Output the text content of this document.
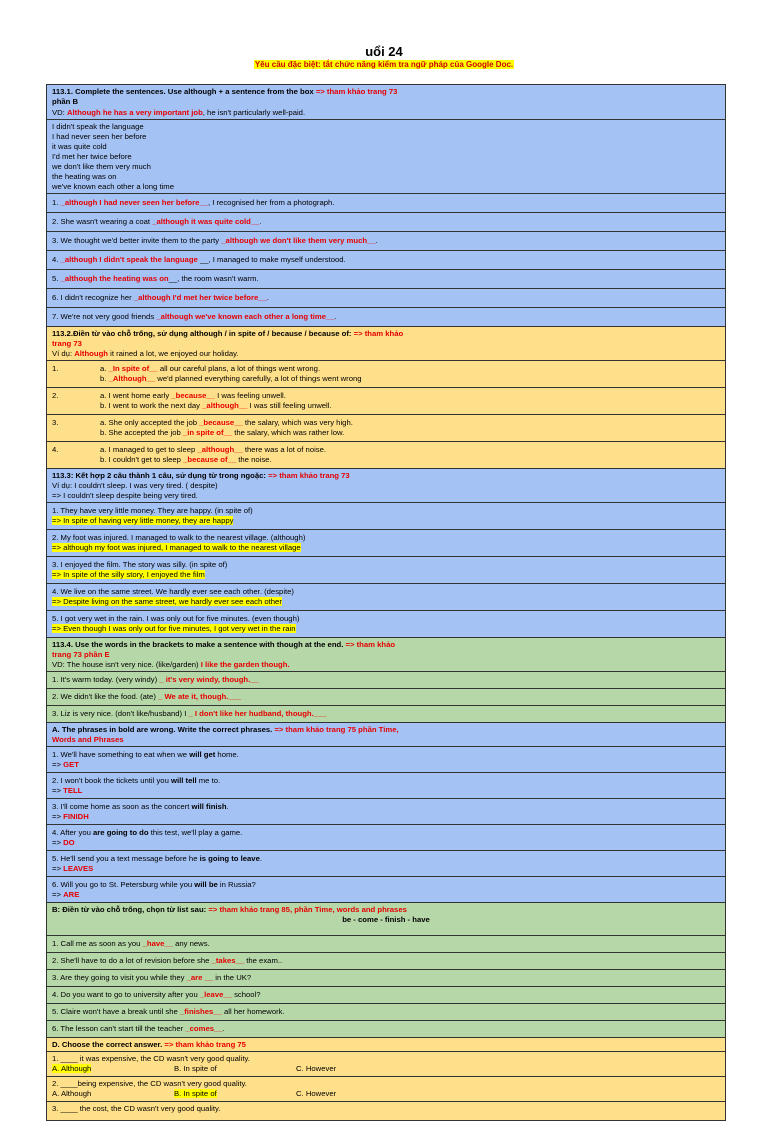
uổi 24
Yêu cầu đặc biệt: tắt chức năng kiểm tra ngữ pháp của Google Doc.
113.1. Complete the sentences. Use although + a sentence from the box => tham khảo trang 73
phần B
VD: Although he has a very important job, he isn't particularly well-paid.
I didn't speak the language
I had never seen her before
it was quite cold
I'd met her twice before
we don't like them very much
the heating was on
we've known each other a long time
1. _although I had never seen her before__, I recognised her from a photograph.
2. She wasn't wearing a coat _although it was quite cold__.
3. We thought we'd better invite them to the party _although we don't like them very much__.
4. _although I didn't speak the language __, I managed to make myself understood.
5. _although the heating was on__, the room wasn't warm.
6. I didn't recognize her _although I'd met her twice before__.
7. We're not very good friends _although we've known each other a long time__.
113.2.Điền từ vào chỗ trống, sử dụng although / in spite of / because / because of: => tham khảo
trang 73
Ví dụ: Although it rained a lot, we enjoyed our holiday.
1.	a. _In spite of__ all our careful plans, a lot of things went wrong.
b. _Although__ we'd planned everything carefully, a lot of things went wrong
2.	a. I went home early _because__ I was feeling unwell.
b. I went to work the next day _although__ I was still feeling unwell.
3.	a. She only accepted the job _because__ the salary, which was very high.
b. She accepted the job _in spite of__ the salary, which was rather low.
4.	a. I managed to get to sleep _although__ there was a lot of noise.
b. I couldn't get to sleep _because of__ the noise.
113.3: Kết hợp 2 câu thành 1 câu, sử dụng từ trong ngoặc: => tham khảo trang 73
Ví dụ: I couldn't sleep. I was very tired. ( despite)
=> I couldn't sleep despite being very tired.
1. They have very little money. They are happy. (in spite of)
=> In spite of having very little money, they are happy
2. My foot was injured. I managed to walk to the nearest village. (although)
=> although my foot was injured, I managed to walk to the nearest village
3. I enjoyed the film. The story was silly. (in spite of)
=> In spite of the silly story, I enjoyed the film
4. We live on the same street. We hardly ever see each other. (despite)
=> Despite living on the same street, we hardly ever see each other
5. I got very wet in the rain. I was only out for five minutes. (even though)
=> Even though I was only out for five minutes, I got very wet in the rain
113.4. Use the words in the brackets to make a sentence with though at the end. => tham khảo
trang 73 phần E
VD: The house isn't very nice. (like/garden) I like the garden though.
1. It's warm today. (very windy) _ it's very windy, though.__
2. We didn't like the food. (ate) _ We ate it, though.___
3. Liz is very nice. (don't like/husband) I _ I don't like her hudband, though.___
A. The phrases in bold are wrong. Write the correct phrases. => tham khảo trang 75 phần Time,
Words and Phrases
1. We'll have something to eat when we will get home.
=> GET
2. I won't book the tickets until you will tell me to.
=> TELL
3. I'll come home as soon as the concert will finish.
=> FINIDH
4. After you are going to do this test, we'll play a game.
=> DO
5. He'll send you a text message before he is going to leave.
=> LEAVES
6. Will you go to St. Petersburg while you will be in Russia?
=> ARE
B: Điền từ vào chỗ trống, chọn từ list sau: => tham khảo trang 85, phần Time, words and phrases

be - come - finish - have
1. Call me as soon as you _have__ any news.
2. She'll have to do a lot of revision before she _takes__ the exam..
3. Are they going to visit you while they _are __ in the UK?
4. Do you want to go to university after you _leave__ school?
5. Claire won't have a break until she _finishes__ all her homework.
6. The lesson can't start till the teacher _comes__.
D. Choose the correct answer. => tham khảo trang 75
1. ____ it was expensive, the CD wasn't very good quality.
A. Although	B. In spite of	C. However
2. ____being expensive, the CD wasn't very good quality.
A. Although	B. In spite of	C. However
3. ____ the cost, the CD wasn't very good quality.
